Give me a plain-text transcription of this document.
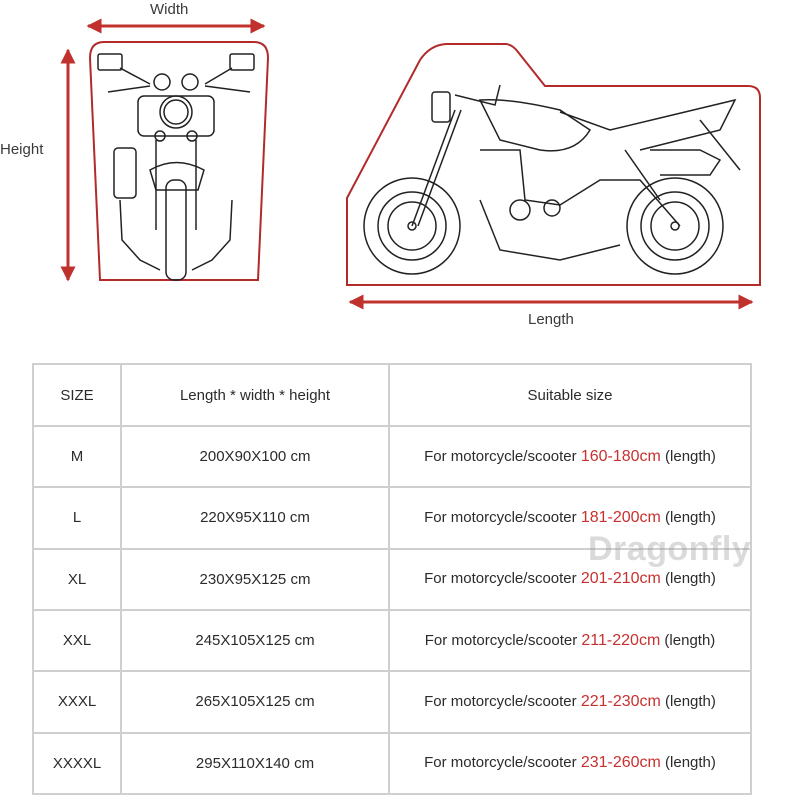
Width
Height
Length
SIZE	Length * width * height	Suitable size
M	200X90X100 cm	For motorcycle/scooter 160-180cm (length)
L	220X95X110 cm	For motorcycle/scooter 181-200cm (length)
XL	230X95X125 cm	For motorcycle/scooter 201-210cm (length)
XXL	245X105X125 cm	For motorcycle/scooter 211-220cm (length)
XXXL	265X105X125 cm	For motorcycle/scooter 221-230cm (length)
XXXXL	295X110X140 cm	For motorcycle/scooter 231-260cm (length)
Dragonfly
